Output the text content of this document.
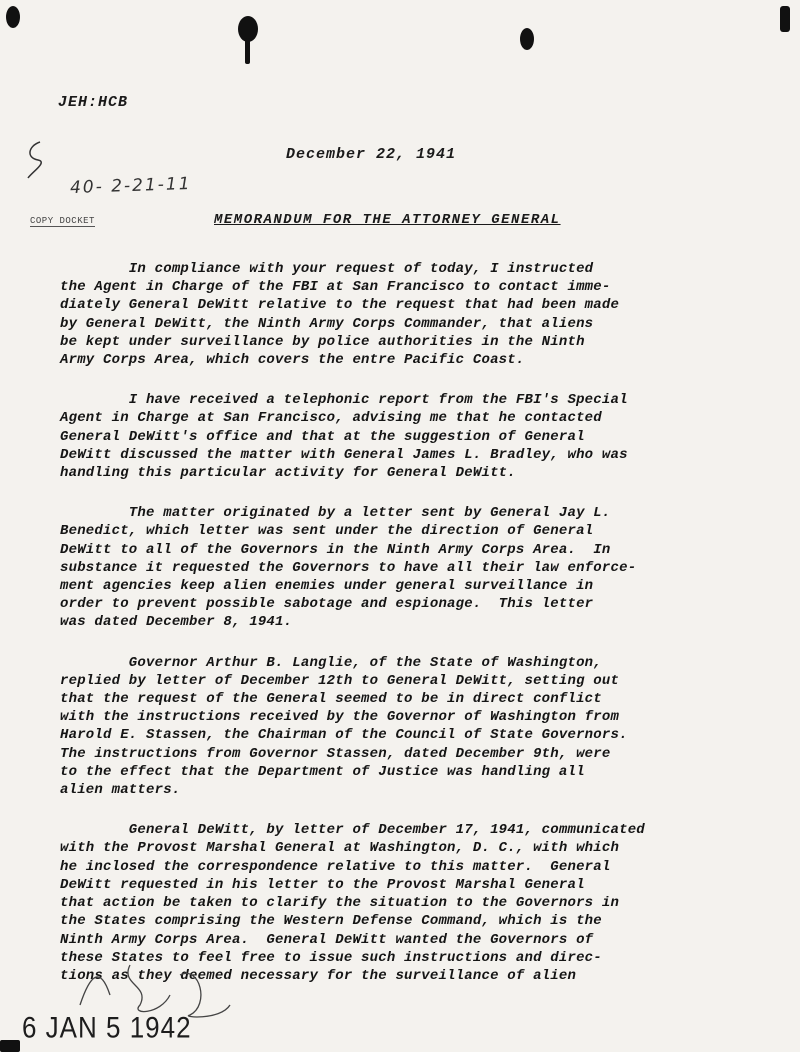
JEH:HCB
December 22, 1941
40- 2-21-11
COPY DOCKET	MEMORANDUM FOR THE ATTORNEY GENERAL
In compliance with your request of today, I instructed
the Agent in Charge of the FBI at San Francisco to contact imme-
diately General DeWitt relative to the request that had been made
by General DeWitt, the Ninth Army Corps Commander, that aliens
be kept under surveillance by police authorities in the Ninth
Army Corps Area, which covers the entre Pacific Coast.
I have received a telephonic report from the FBI's Special
Agent in Charge at San Francisco, advising me that he contacted
General DeWitt's office and that at the suggestion of General
DeWitt discussed the matter with General James L. Bradley, who was
handling this particular activity for General DeWitt.
The matter originated by a letter sent by General Jay L.
Benedict, which letter was sent under the direction of General
DeWitt to all of the Governors in the Ninth Army Corps Area.  In
substance it requested the Governors to have all their law enforce-
ment agencies keep alien enemies under general surveillance in
order to prevent possible sabotage and espionage.  This letter
was dated December 8, 1941.
Governor Arthur B. Langlie, of the State of Washington,
replied by letter of December 12th to General DeWitt, setting out
that the request of the General seemed to be in direct conflict
with the instructions received by the Governor of Washington from
Harold E. Stassen, the Chairman of the Council of State Governors.
The instructions from Governor Stassen, dated December 9th, were
to the effect that the Department of Justice was handling all
alien matters.
General DeWitt, by letter of December 17, 1941, communicated
with the Provost Marshal General at Washington, D. C., with which
he inclosed the correspondence relative to this matter.  General
DeWitt requested in his letter to the Provost Marshal General
that action be taken to clarify the situation to the Governors in
the States comprising the Western Defense Command, which is the
Ninth Army Corps Area.  General DeWitt wanted the Governors of
these States to feel free to issue such instructions and direc-
tions as they deemed necessary for the surveillance of alien
6 JAN 5 1942
